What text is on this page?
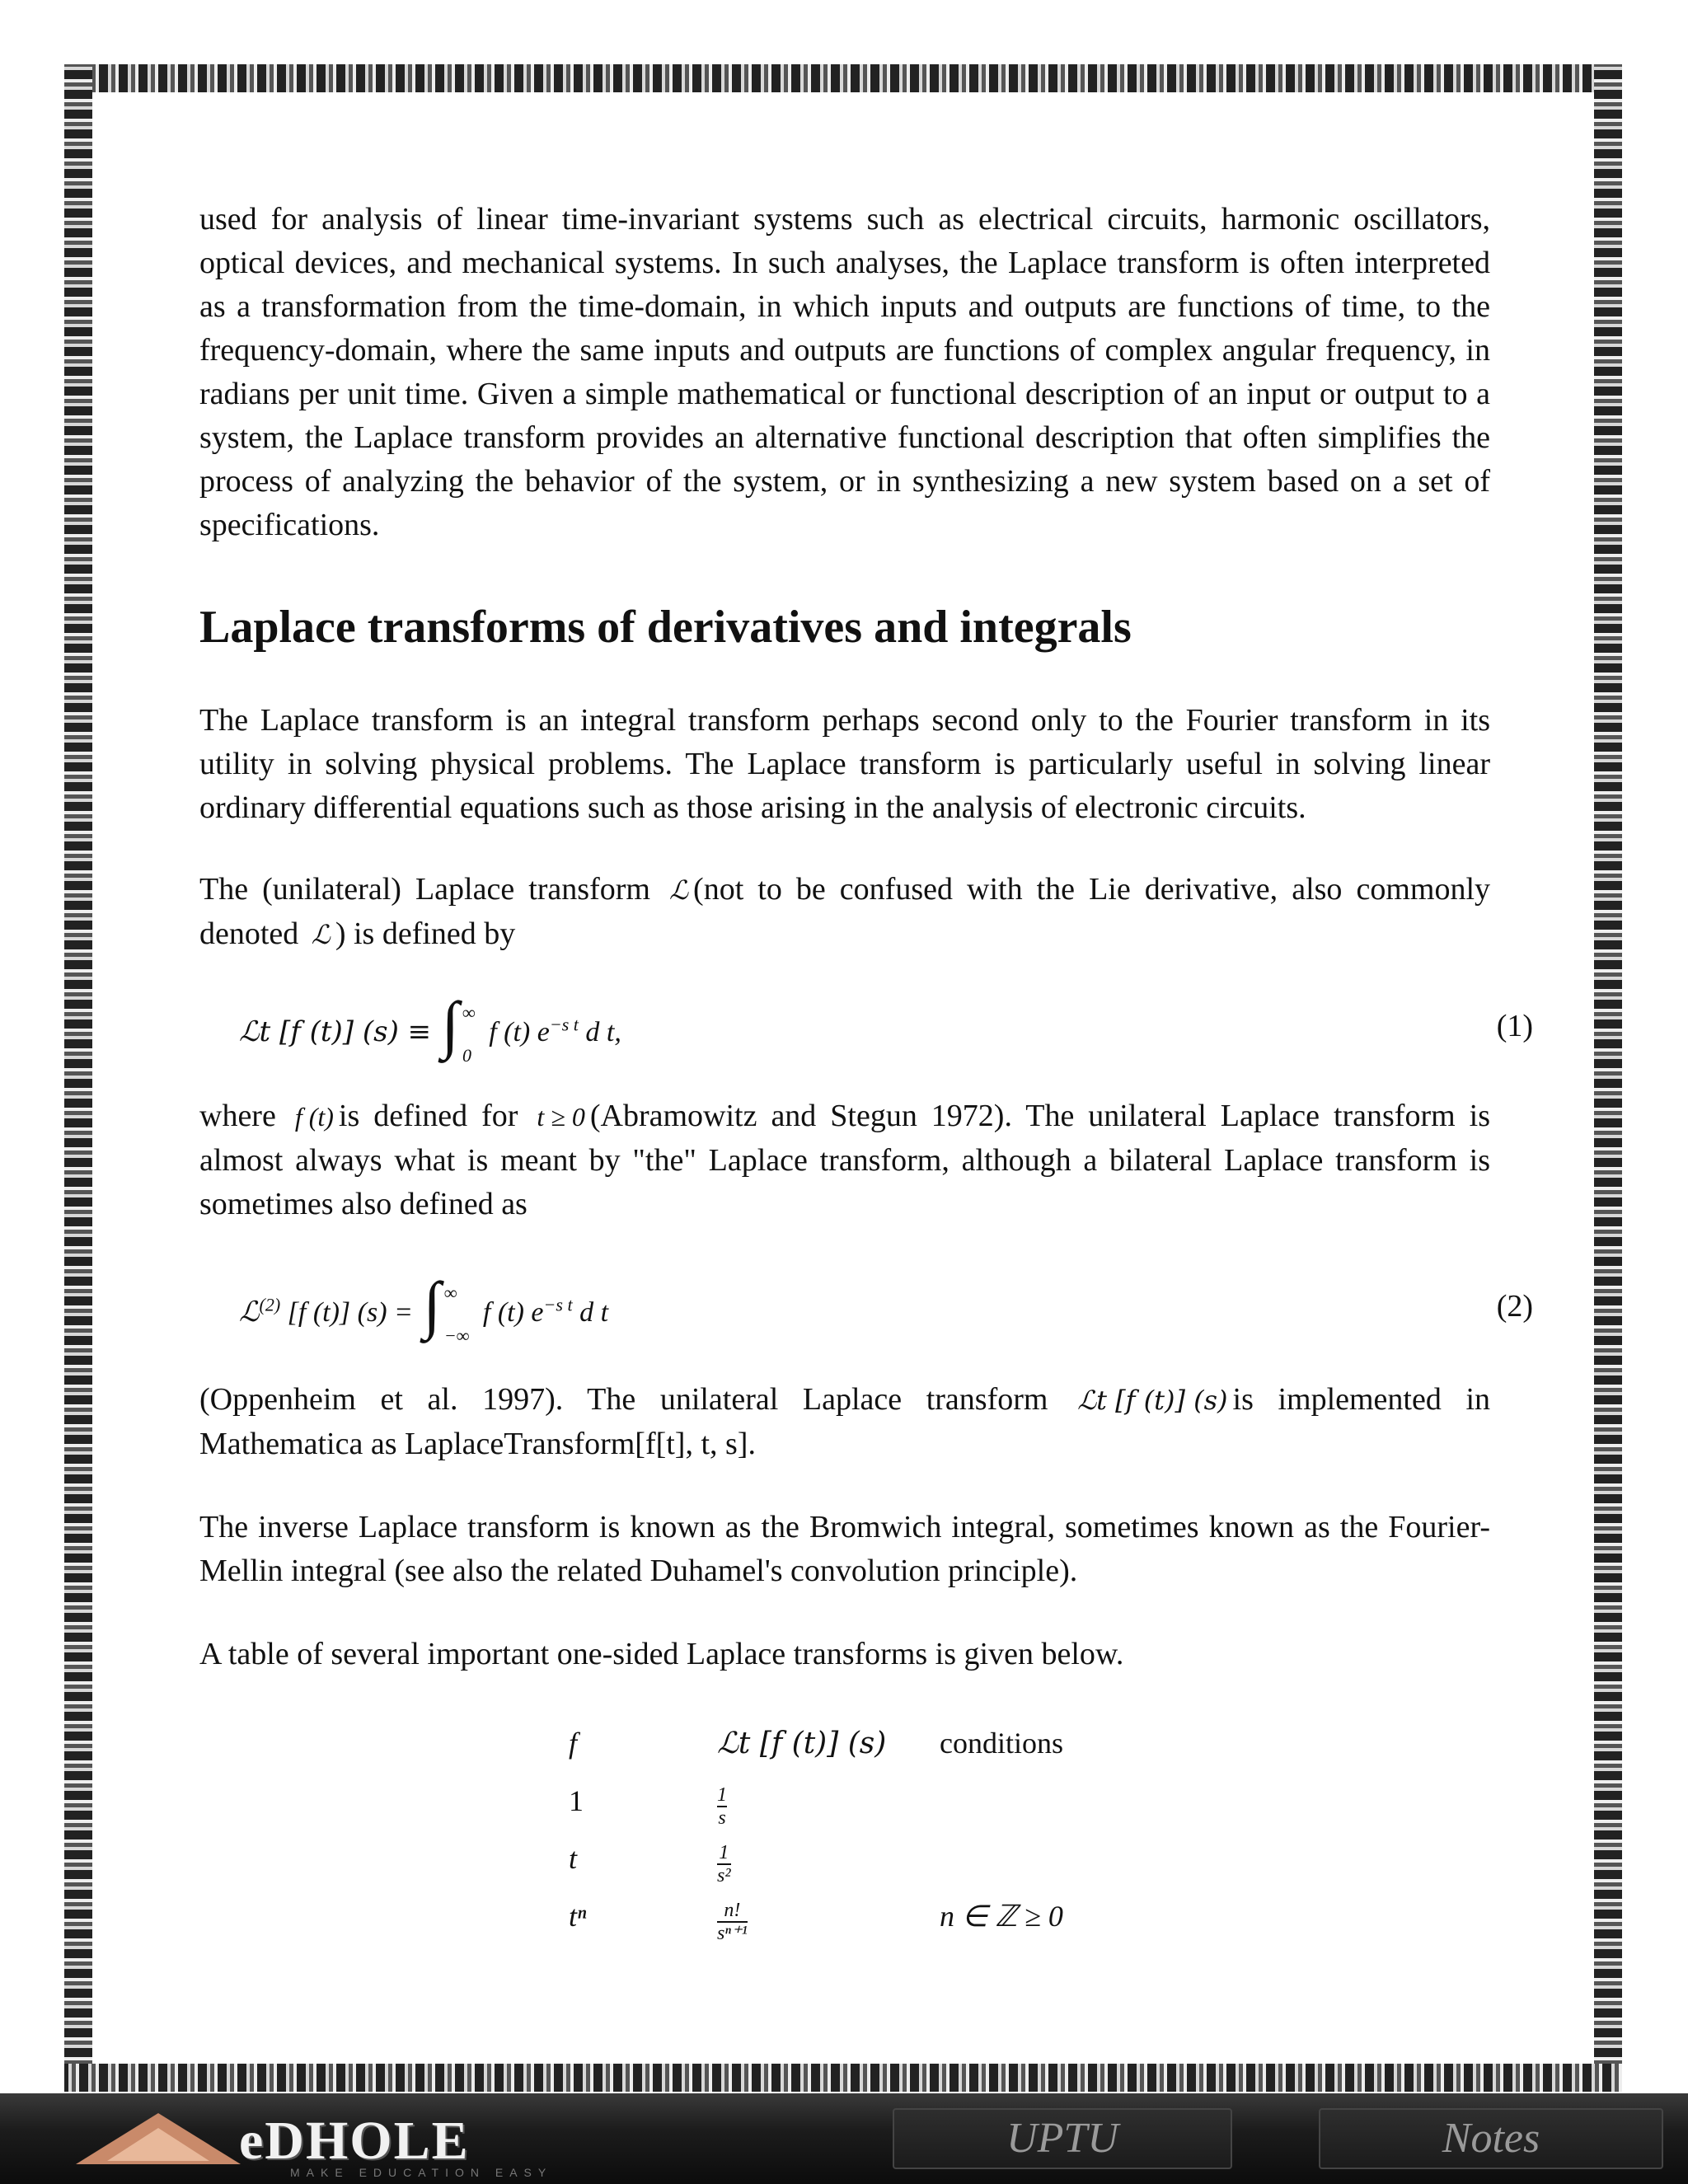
used for analysis of linear time-invariant systems such as electrical circuits, harmonic oscillators, optical devices, and mechanical systems. In such analyses, the Laplace transform is often interpreted as a transformation from the time-domain, in which inputs and outputs are functions of time, to the frequency-domain, where the same inputs and outputs are functions of complex angular frequency, in radians per unit time. Given a simple mathematical or functional description of an input or output to a system, the Laplace transform provides an alternative functional description that often simplifies the process of analyzing the behavior of the system, or in synthesizing a new system based on a set of specifications.

Laplace transforms of derivatives and integrals

The Laplace transform is an integral transform perhaps second only to the Fourier transform in its utility in solving physical problems. The Laplace transform is particularly useful in solving linear ordinary differential equations such as those arising in the analysis of electronic circuits.

The (unilateral) Laplace transform ℒ (not to be confused with the Lie derivative, also commonly denoted ℒ ) is defined by

ℒt [f (t)] (s) ≡ ∫ ∞
0
f (t) $e^{-s t}$ d t,	(1)

where f (t) is defined for t ≥ 0 (Abramowitz and Stegun 1972). The unilateral Laplace transform is almost always what is meant by "the" Laplace transform, although a bilateral Laplace transform is sometimes also defined as

ℒ$^{(2)}$ [f (t)] (s) = ∫ ∞
−∞
f (t) $e^{-s t}$ d t	(2)

(Oppenheim et al. 1997). The unilateral Laplace transform ℒt [f (t)] (s) is implemented in Mathematica as LaplaceTransform[f[t], t, s].

The inverse Laplace transform is known as the Bromwich integral, sometimes known as the Fourier-Mellin integral (see also the related Duhamel's convolution principle).

A table of several important one-sided Laplace transforms is given below.

f	ℒt [f (t)] (s)	conditions
1	$\frac{1}{s}$

t	$\frac{1}{\text{s²}}$

tⁿ	$\frac{n!}{\text{sⁿ⁺¹}}$	n ∈ ℤ ≥ 0
eDHOLE
MAKE EDUCATION EASY
UPTU	Notes
